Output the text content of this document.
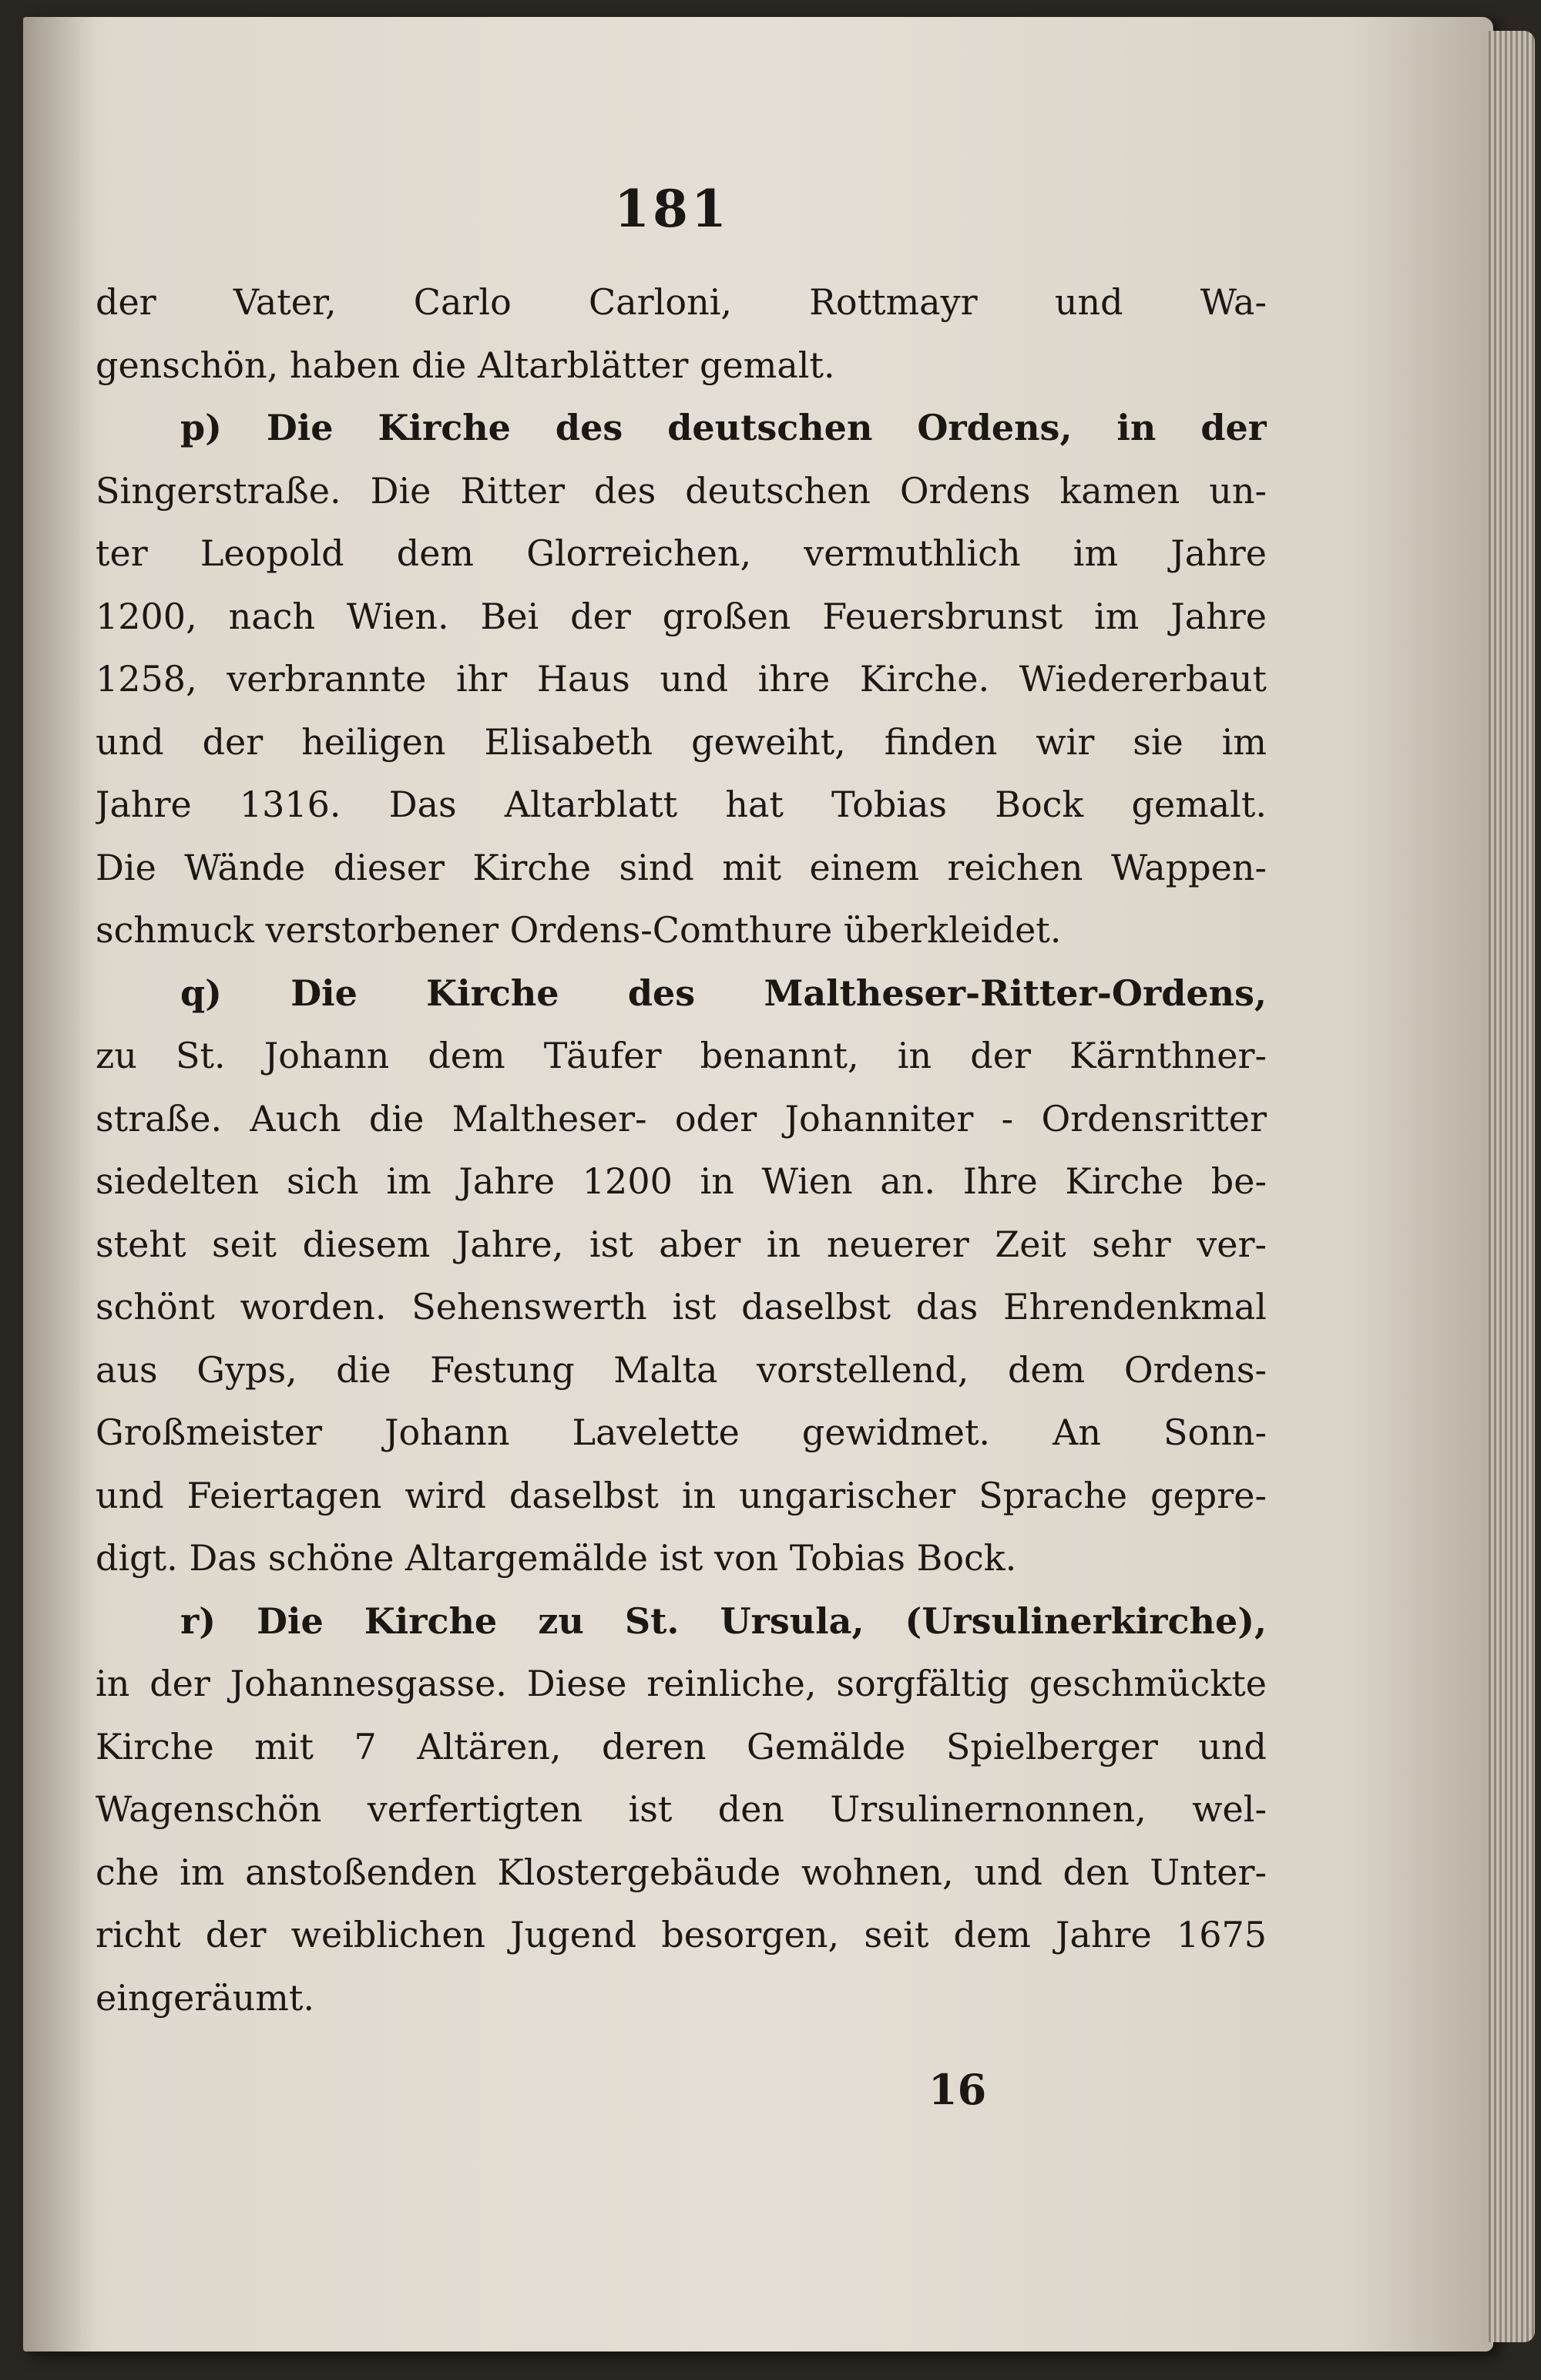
181
der Vater, Carlo Carloni, Rottmayr und Wa-
genschön, haben die Altarblätter gemalt.
p) Die Kirche des deutschen Ordens, in der
Singerstraße. Die Ritter des deutschen Ordens kamen un-
ter Leopold dem Glorreichen, vermuthlich im Jahre
1200, nach Wien. Bei der großen Feuersbrunst im Jahre
1258, verbrannte ihr Haus und ihre Kirche. Wiedererbaut
und der heiligen Elisabeth geweiht, finden wir sie im
Jahre 1316. Das Altarblatt hat Tobias Bock gemalt.
Die Wände dieser Kirche sind mit einem reichen Wappen-
schmuck verstorbener Ordens-Comthure überkleidet.
q) Die Kirche des Maltheser-Ritter-Ordens,
zu St. Johann dem Täufer benannt, in der Kärnthner-
straße. Auch die Maltheser- oder Johanniter - Ordensritter
siedelten sich im Jahre 1200 in Wien an. Ihre Kirche be-
steht seit diesem Jahre, ist aber in neuerer Zeit sehr ver-
schönt worden. Sehenswerth ist daselbst das Ehrendenkmal
aus Gyps, die Festung Malta vorstellend, dem Ordens-
Großmeister Johann Lavelette gewidmet. An Sonn-
und Feiertagen wird daselbst in ungarischer Sprache gepre-
digt. Das schöne Altargemälde ist von Tobias Bock.
r) Die Kirche zu St. Ursula, (Ursulinerkirche),
in der Johannesgasse. Diese reinliche, sorgfältig geschmückte
Kirche mit 7 Altären, deren Gemälde Spielberger und
Wagenschön verfertigten ist den Ursulinernonnen, wel-
che im anstoßenden Klostergebäude wohnen, und den Unter-
richt der weiblichen Jugend besorgen, seit dem Jahre 1675
eingeräumt.
16
